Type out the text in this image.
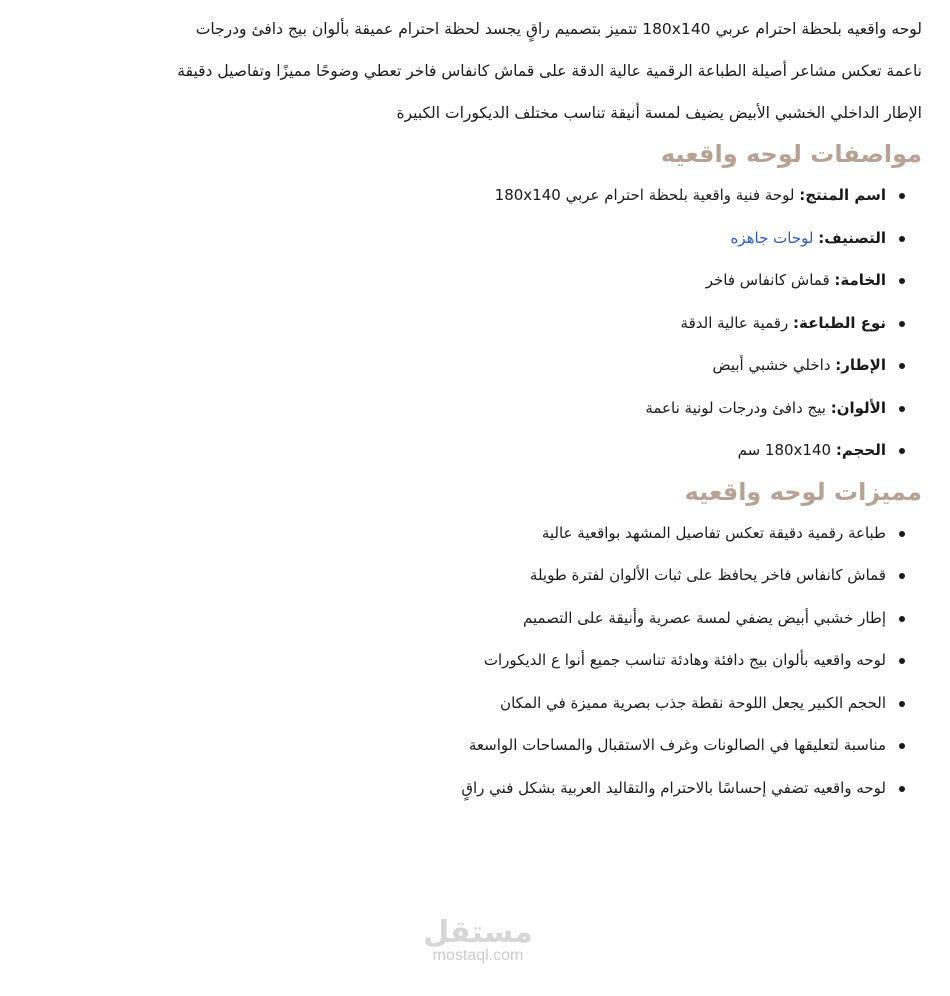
لوحه واقعيه بلحظة احترام عربي 180x140 تتميز بتصميم راقٍ يجسد لحظة احترام عميقة بألوان بيج دافئ ودرجات
ناعمة تعكس مشاعر أصيلة الطباعة الرقمية عالية الدقة على قماش كانفاس فاخر تعطي وضوحًا مميزًا وتفاصيل دقيقة
الإطار الداخلي الخشبي الأبيض يضيف لمسة أنيقة تناسب مختلف الديكورات الكبيرة

مواصفات لوحه واقعيه
اسم المنتج: لوحة فنية واقعية بلحظة احترام عربي 180x140
التصنيف: لوحات جاهزه
الخامة: قماش كانفاس فاخر
نوع الطباعة: رقمية عالية الدقة
الإطار: داخلي خشبي أبيض
الألوان: بيج دافئ ودرجات لونية ناعمة
الحجم: 180x140 سم
مميزات لوحه واقعيه
طباعة رقمية دقيقة تعكس تفاصيل المشهد بواقعية عالية
قماش كانفاس فاخر يحافظ على ثبات الألوان لفترة طويلة
إطار خشبي أبيض يضفي لمسة عصرية وأنيقة على التصميم
لوحه واقعيه بألوان بيج دافئة وهادئة تناسب جميع أنوا ع الديكورات
الحجم الكبير يجعل اللوحة نقطة جذب بصرية مميزة في المكان
مناسبة لتعليقها في الصالونات وغرف الاستقبال والمساحات الواسعة
لوحه واقعيه تضفي إحساسًا بالاحترام والتقاليد العربية بشكل فني راقٍ
مستقل
mostaql.com
